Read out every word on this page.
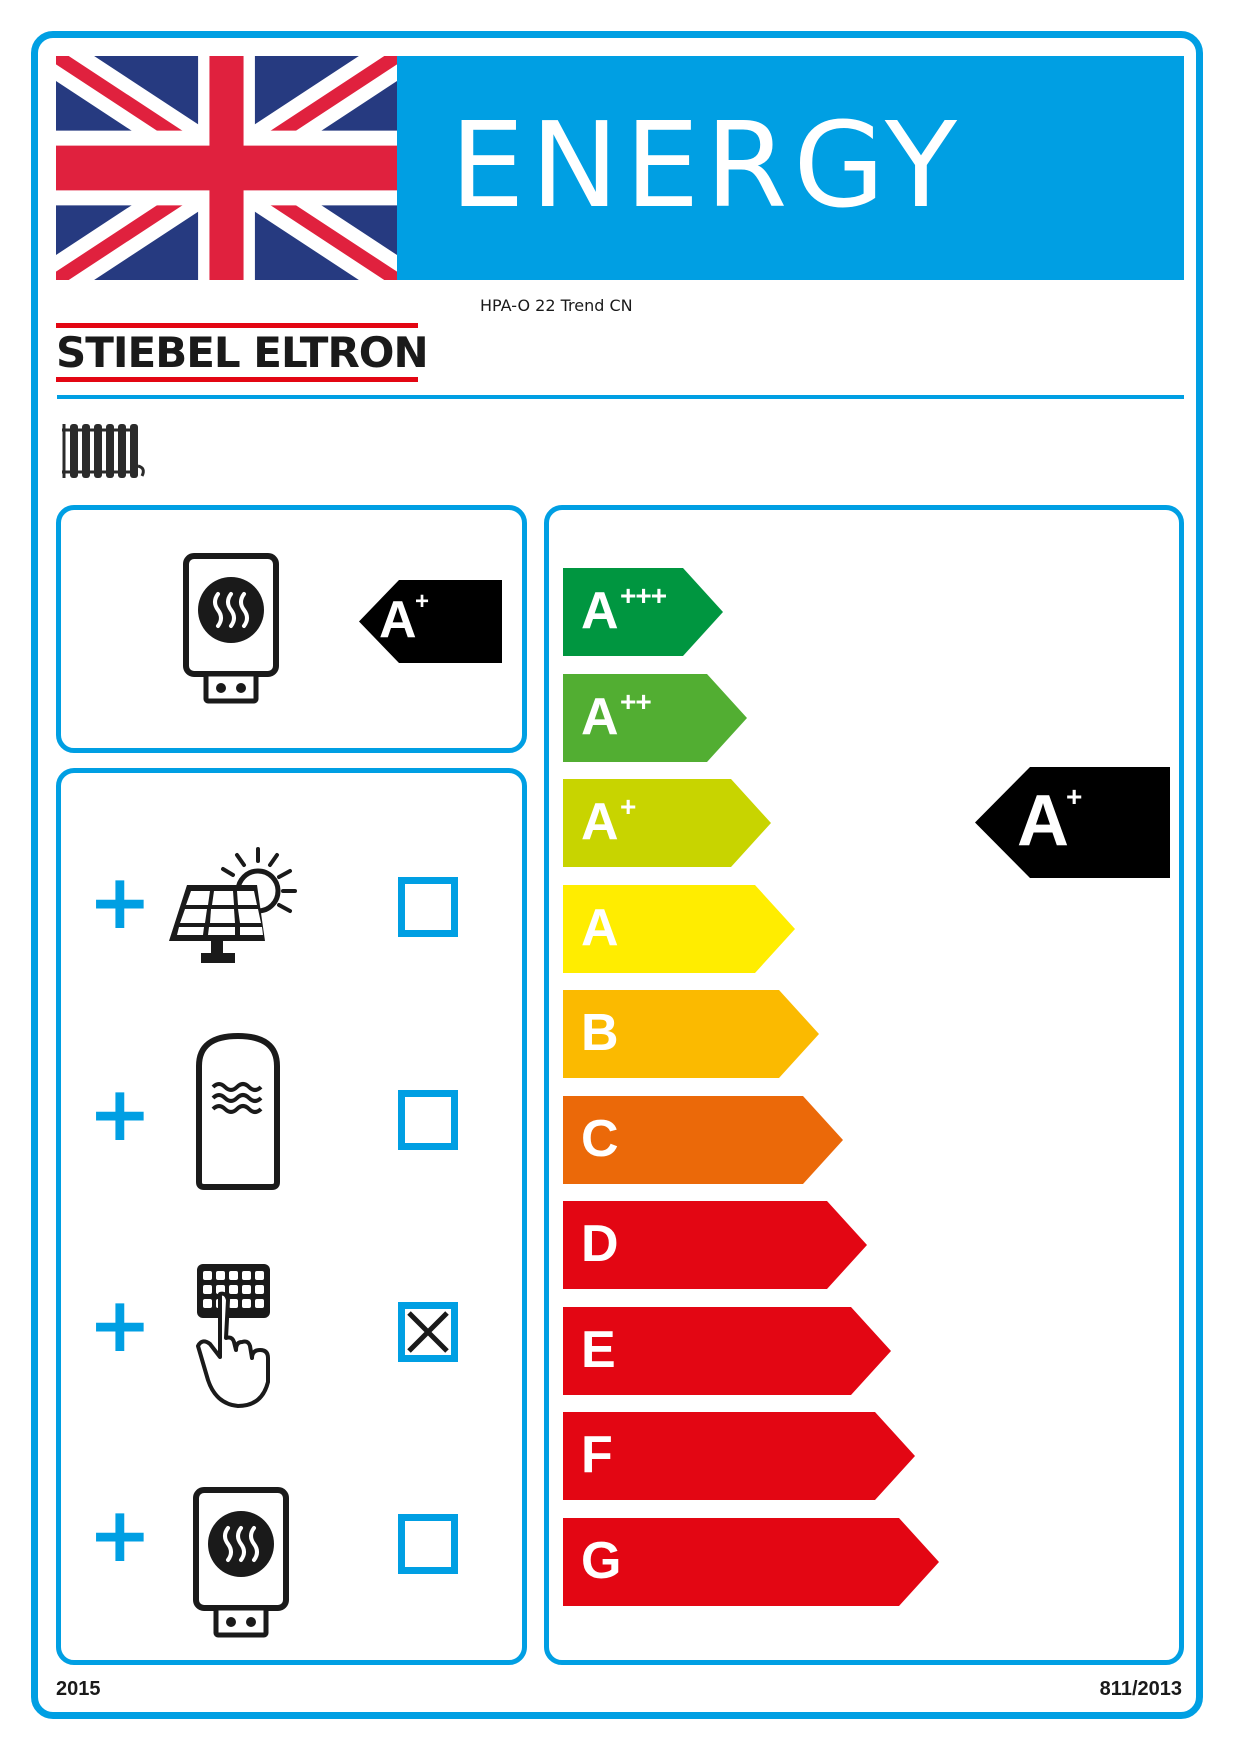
ENERGY
HPA-O 22 Trend CN
STIEBEL ELTRON
A
+
+
+
+
+
A +++
A ++
A +
A
B
C
D
E
F
G
A
+
2015	811/2013
